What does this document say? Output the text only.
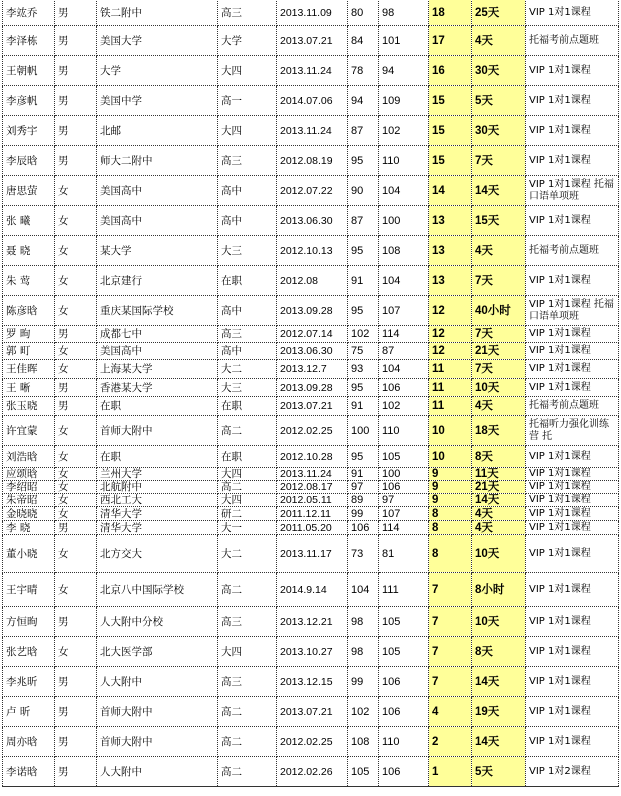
李竑乔	男	铁二附中	高三	2013.11.09	80	98	18	25天	VIP 1对1课程
李泽栋	男	美国大学	大学	2013.07.21	84	101	17	4天	托福考前点题班
王朝帆	男	大学	大四	2013.11.24	78	94	16	30天	VIP 1对1课程
李彦帆	男	美国中学	高一	2014.07.06	94	109	15	5天	VIP 1对1课程
刘秀宇	男	北邮	大四	2013.11.24	87	102	15	30天	VIP 1对1课程
李辰晗	男	师大二附中	高三	2012.08.19	95	110	15	7天	VIP 1对1课程
唐思萤	女	美国高中	高中	2012.07.22	90	104	14	14天	VIP 1对1课程 托福口语单项班
张 曦	女	美国高中	高中	2013.06.30	87	100	13	15天	VIP 1对1课程
聂 晓	女	某大学	大三	2012.10.13	95	108	13	4天	托福考前点题班
朱 莺	女	北京建行	在职	2012.08	91	104	13	7天	VIP 1对1课程
陈彦晗	女	重庆某国际学校	高中	2013.09.28	95	107	12	40小时	VIP 1对1课程 托福口语单项班
罗 昫	男	成都七中	高三	2012.07.14	102	114	12	7天	VIP 1对1课程
郭 町	女	美国高中	高中	2013.06.30	75	87	12	21天	VIP 1对1课程
王佳晖	女	上海某大学	大二	2013.12.7	93	104	11	7天	VIP 1对1课程
王 晰	男	香港某大学	大三	2013.09.28	95	106	11	10天	VIP 1对1课程
张玉晓	男	在职	在职	2013.07.21	91	102	11	4天	托福考前点题班
许宜蒙	女	首师大附中	高二	2012.02.25	100	110	10	18天	托福听力强化训练营 托
刘浩晗	女	在职	在职	2012.10.28	95	105	10	8天	VIP 1对1课程
应颂晗	女	兰州大学	大四	2013.11.24	91	100	9	11天	VIP 1对1课程
李绍昭	女	北航附中	高二	2012.08.17	97	106	9	21天	VIP 1对1课程
朱帝昭	女	西北工大	大四	2012.05.11	89	97	9	14天	VIP 1对1课程
金晓晓	女	清华大学	研二	2011.12.11	99	107	8	4天	VIP 1对1课程
李 晓	男	清华大学	大一	2011.05.20	106	114	8	4天	VIP 1对1课程
董小晓	女	北方交大	大二	2013.11.17	73	81	8	10天	VIP 1对1课程
王宇晴	女	北京八中国际学校	高二	2014.9.14	104	111	7	8小时	VIP 1对1课程
方恒昫	男	人大附中分校	高三	2013.12.21	98	105	7	10天	VIP 1对1课程
张艺晗	女	北大医学部	大四	2013.10.27	98	105	7	8天	VIP 1对1课程
李兆昕	男	人大附中	高三	2013.12.15	99	106	7	14天	VIP 1对1课程
卢 昕	男	首师大附中	高二	2013.07.21	102	106	4	19天	VIP 1对1课程
周亦晗	男	首师大附中	高二	2012.02.25	108	110	2	14天	VIP 1对1课程
李诺晗	男	人大附中	高二	2012.02.26	105	106	1	5天	VIP 1对2课程
